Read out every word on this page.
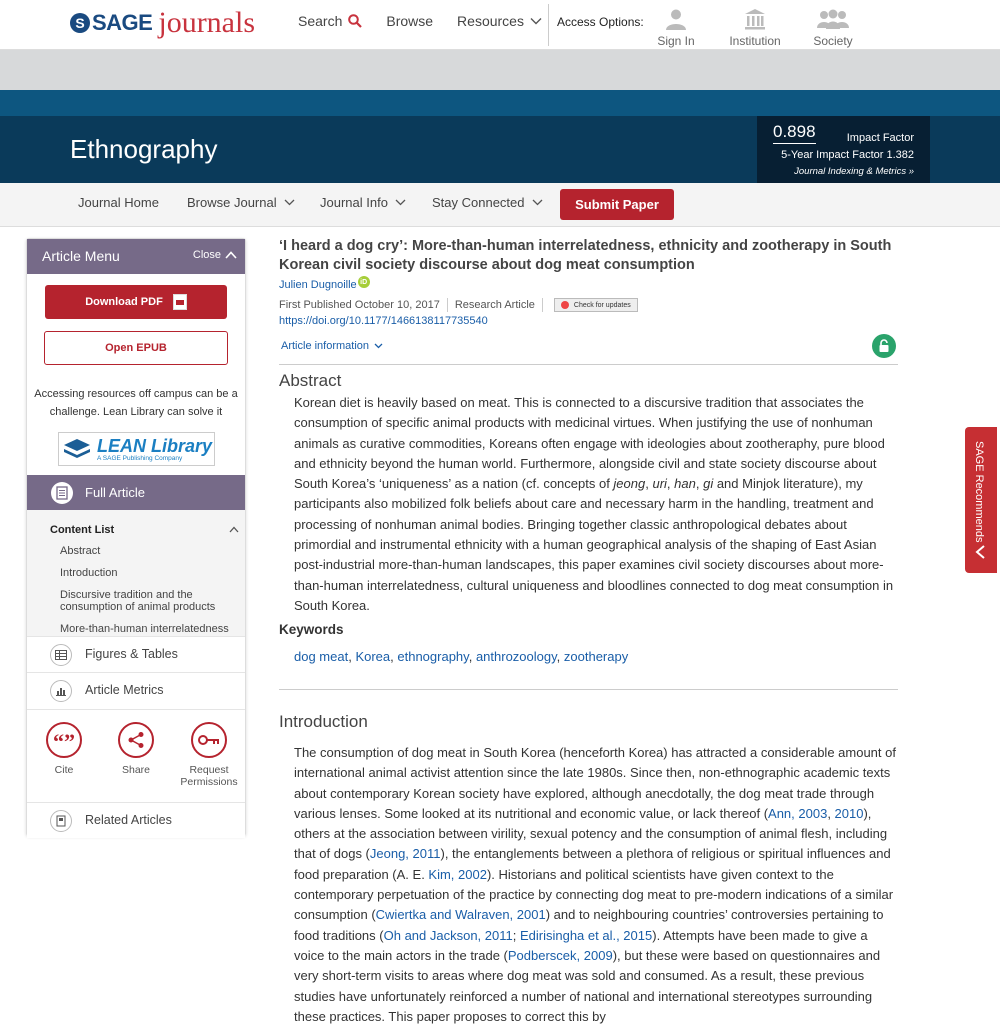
S SAGE journals	Search	Browse Resources	Access Options:
Sign In	Institution	Society
Ethnography
0.898	Impact Factor
5-Year Impact Factor 1.382
Journal Indexing & Metrics »
Journal Home Browse Journal	Journal Info	Stay Connected	Submit Paper
Article Menu	Close
Download PDF
Open EPUB
Accessing resources off campus can be a challenge. Lean Library can solve it
LEAN Library
A SAGE Publishing Company
Full Article
Content List
Abstract
Introduction
Discursive tradition and the consumption of animal products
More-than-human interrelatedness
Figures & Tables
Article Metrics
“”
Cite	Share	Request Permissions
Related Articles
‘I heard a dog cry’: More-than-human interrelatedness, ethnicity and zootherapy in South Korean civil society discourse about dog meat consumption
Julien Dugnoille iD
First Published October 10, 2017 Research Article	Check for updates
https://doi.org/10.1177/1466138117735540
Article information
Abstract
Korean diet is heavily based on meat. This is connected to a discursive tradition that associates the consumption of specific animal products with medicinal virtues. When justifying the use of nonhuman animals as curative commodities, Koreans often engage with ideologies about zootheraphy, pure blood and ethnicity beyond the human world. Furthermore, alongside civil and state society discourse about South Korea’s ‘uniqueness’ as a nation (cf. concepts of jeong, uri, han, gi and Minjok literature), my participants also mobilized folk beliefs about care and necessary harm in the handling, treatment and processing of nonhuman animal bodies. Bringing together classic anthropological debates about primordial and instrumental ethnicity with a human geographical analysis of the shaping of East Asian post-industrial more-than-human landscapes, this paper examines civil society discourses about more-than-human interrelatedness, cultural uniqueness and bloodlines connected to dog meat consumption in South Korea.
Keywords
dog meat, Korea, ethnography, anthrozoology, zootherapy
Introduction
The consumption of dog meat in South Korea (henceforth Korea) has attracted a considerable amount of international animal activist attention since the late 1980s. Since then, non-ethnographic academic texts about contemporary Korean society have explored, although anecdotally, the dog meat trade through various lenses. Some looked at its nutritional and economic value, or lack thereof (Ann, 2003, 2010), others at the association between virility, sexual potency and the consumption of animal flesh, including that of dogs (Jeong, 2011), the entanglements between a plethora of religious or spiritual influences and food preparation (A. E. Kim, 2002). Historians and political scientists have given context to the contemporary perpetuation of the practice by connecting dog meat to pre-modern indications of a similar consumption (Cwiertka and Walraven, 2001) and to neighbouring countries’ controversies pertaining to food traditions (Oh and Jackson, 2011; Edirisingha et al., 2015). Attempts have been made to give a voice to the main actors in the trade (Podberscek, 2009), but these were based on questionnaires and very short-term visits to areas where dog meat was sold and consumed. As a result, these previous studies have unfortunately reinforced a number of national and international stereotypes surrounding these practices. This paper proposes to correct this by
SAGE Recommends
